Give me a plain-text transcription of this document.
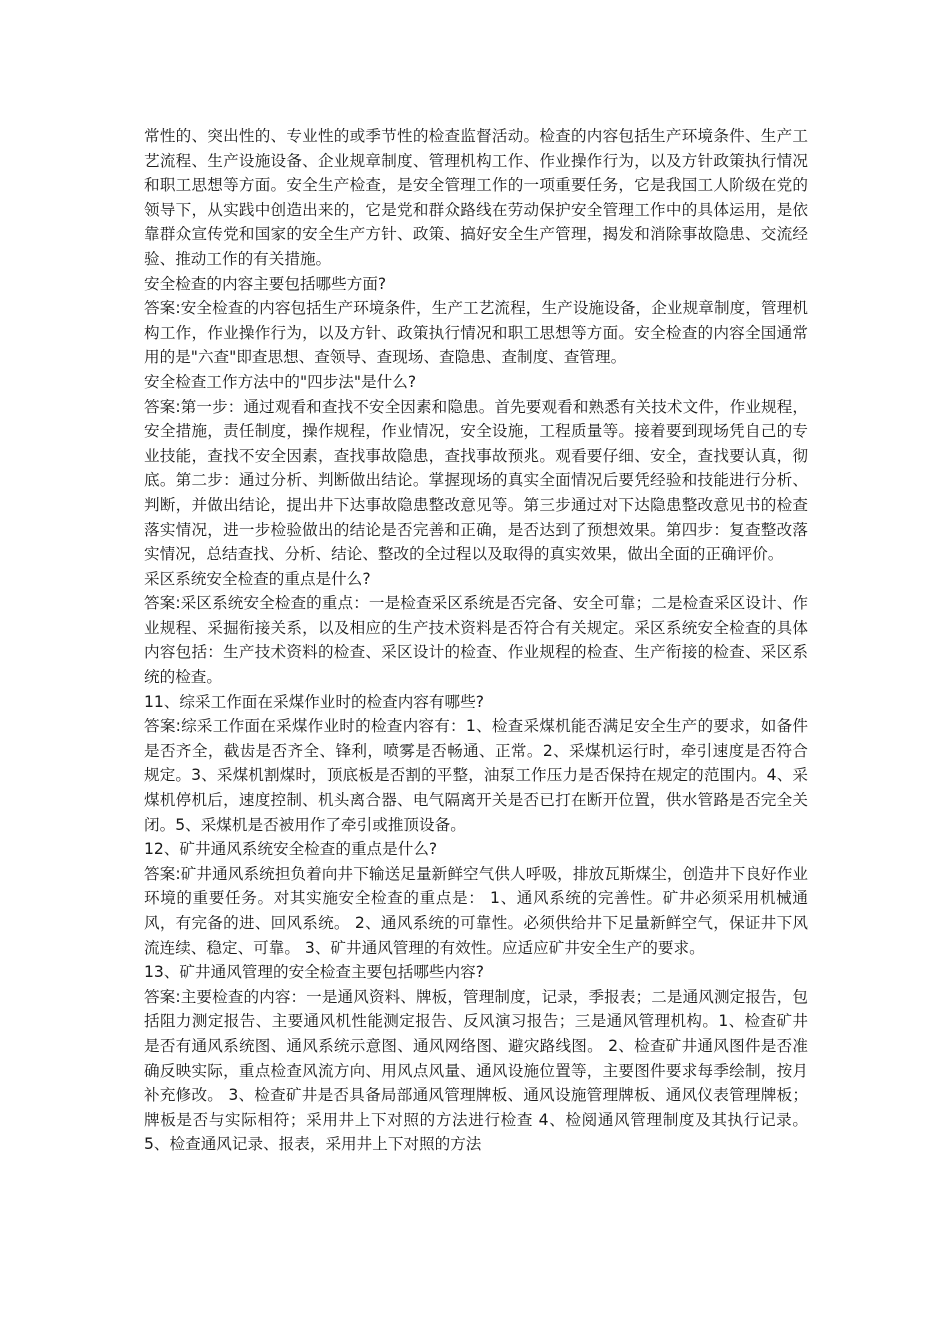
常性的、突出性的、专业性的或季节性的检查监督活动。检查的内容包括生产环境条件、生产工艺流程、生产设施设备、企业规章制度、管理机构工作、作业操作行为，以及方针政策执行情况和职工思想等方面。安全生产检查，是安全管理工作的一项重要任务，它是我国工人阶级在党的领导下，从实践中创造出来的，它是党和群众路线在劳动保护安全管理工作中的具体运用，是依靠群众宣传党和国家的安全生产方针、政策、搞好安全生产管理，揭发和消除事故隐患、交流经验、推动工作的有关措施。

安全检查的内容主要包括哪些方面?

答案:安全检查的内容包括生产环境条件，生产工艺流程，生产设施设备，企业规章制度，管理机构工作，作业操作行为，以及方针、政策执行情况和职工思想等方面。安全检查的内容全国通常用的是"六查"即查思想、查领导、查现场、查隐患、查制度、查管理。

安全检查工作方法中的"四步法"是什么?

答案:第一步：通过观看和查找不安全因素和隐患。首先要观看和熟悉有关技术文件，作业规程，安全措施，责任制度，操作规程，作业情况，安全设施，工程质量等。接着要到现场凭自己的专业技能，查找不安全因素，查找事故隐患，查找事故预兆。观看要仔细、安全，查找要认真，彻底。第二步：通过分析、判断做出结论。掌握现场的真实全面情况后要凭经验和技能进行分析、判断，并做出结论，提出井下达事故隐患整改意见等。第三步通过对下达隐患整改意见书的检查落实情况，进一步检验做出的结论是否完善和正确，是否达到了预想效果。第四步：复查整改落实情况，总结查找、分析、结论、整改的全过程以及取得的真实效果，做出全面的正确评价。

采区系统安全检查的重点是什么?

答案:采区系统安全检查的重点：一是检查采区系统是否完备、安全可靠；二是检查采区设计、作业规程、采掘衔接关系，以及相应的生产技术资料是否符合有关规定。采区系统安全检查的具体内容包括：生产技术资料的检查、采区设计的检查、作业规程的检查、生产衔接的检查、采区系统的检查。

11、综采工作面在采煤作业时的检查内容有哪些?

答案:综采工作面在采煤作业时的检查内容有：1、检查采煤机能否满足安全生产的要求，如备件是否齐全，截齿是否齐全、锋利，喷雾是否畅通、正常。2、采煤机运行时，牵引速度是否符合规定。3、采煤机割煤时，顶底板是否割的平整，油泵工作压力是否保持在规定的范围内。4、采煤机停机后，速度控制、机头离合器、电气隔离开关是否已打在断开位置，供水管路是否完全关闭。5、采煤机是否被用作了牵引或推顶设备。

12、矿井通风系统安全检查的重点是什么?

答案:矿井通风系统担负着向井下输送足量新鲜空气供人呼吸，排放瓦斯煤尘，创造井下良好作业环境的重要任务。对其实施安全检查的重点是： 1、通风系统的完善性。矿井必须采用机械通风，有完备的进、回风系统。 2、通风系统的可靠性。必须供给井下足量新鲜空气，保证井下风流连续、稳定、可靠。 3、矿井通风管理的有效性。应适应矿井安全生产的要求。

13、矿井通风管理的安全检查主要包括哪些内容?

答案:主要检查的内容：一是通风资料、牌板，管理制度，记录，季报表；二是通风测定报告，包括阻力测定报告、主要通风机性能测定报告、反风演习报告；三是通风管理机构。1、检查矿井是否有通风系统图、通风系统示意图、通风网络图、避灾路线图。 2、检查矿井通风图件是否准确反映实际，重点检查风流方向、用风点风量、通风设施位置等，主要图件要求每季绘制，按月补充修改。 3、检查矿井是否具备局部通风管理牌板、通风设施管理牌板、通风仪表管理牌板；牌板是否与实际相符；采用井上下对照的方法进行检查 4、检阅通风管理制度及其执行记录。 5、检查通风记录、报表，采用井上下对照的方法
